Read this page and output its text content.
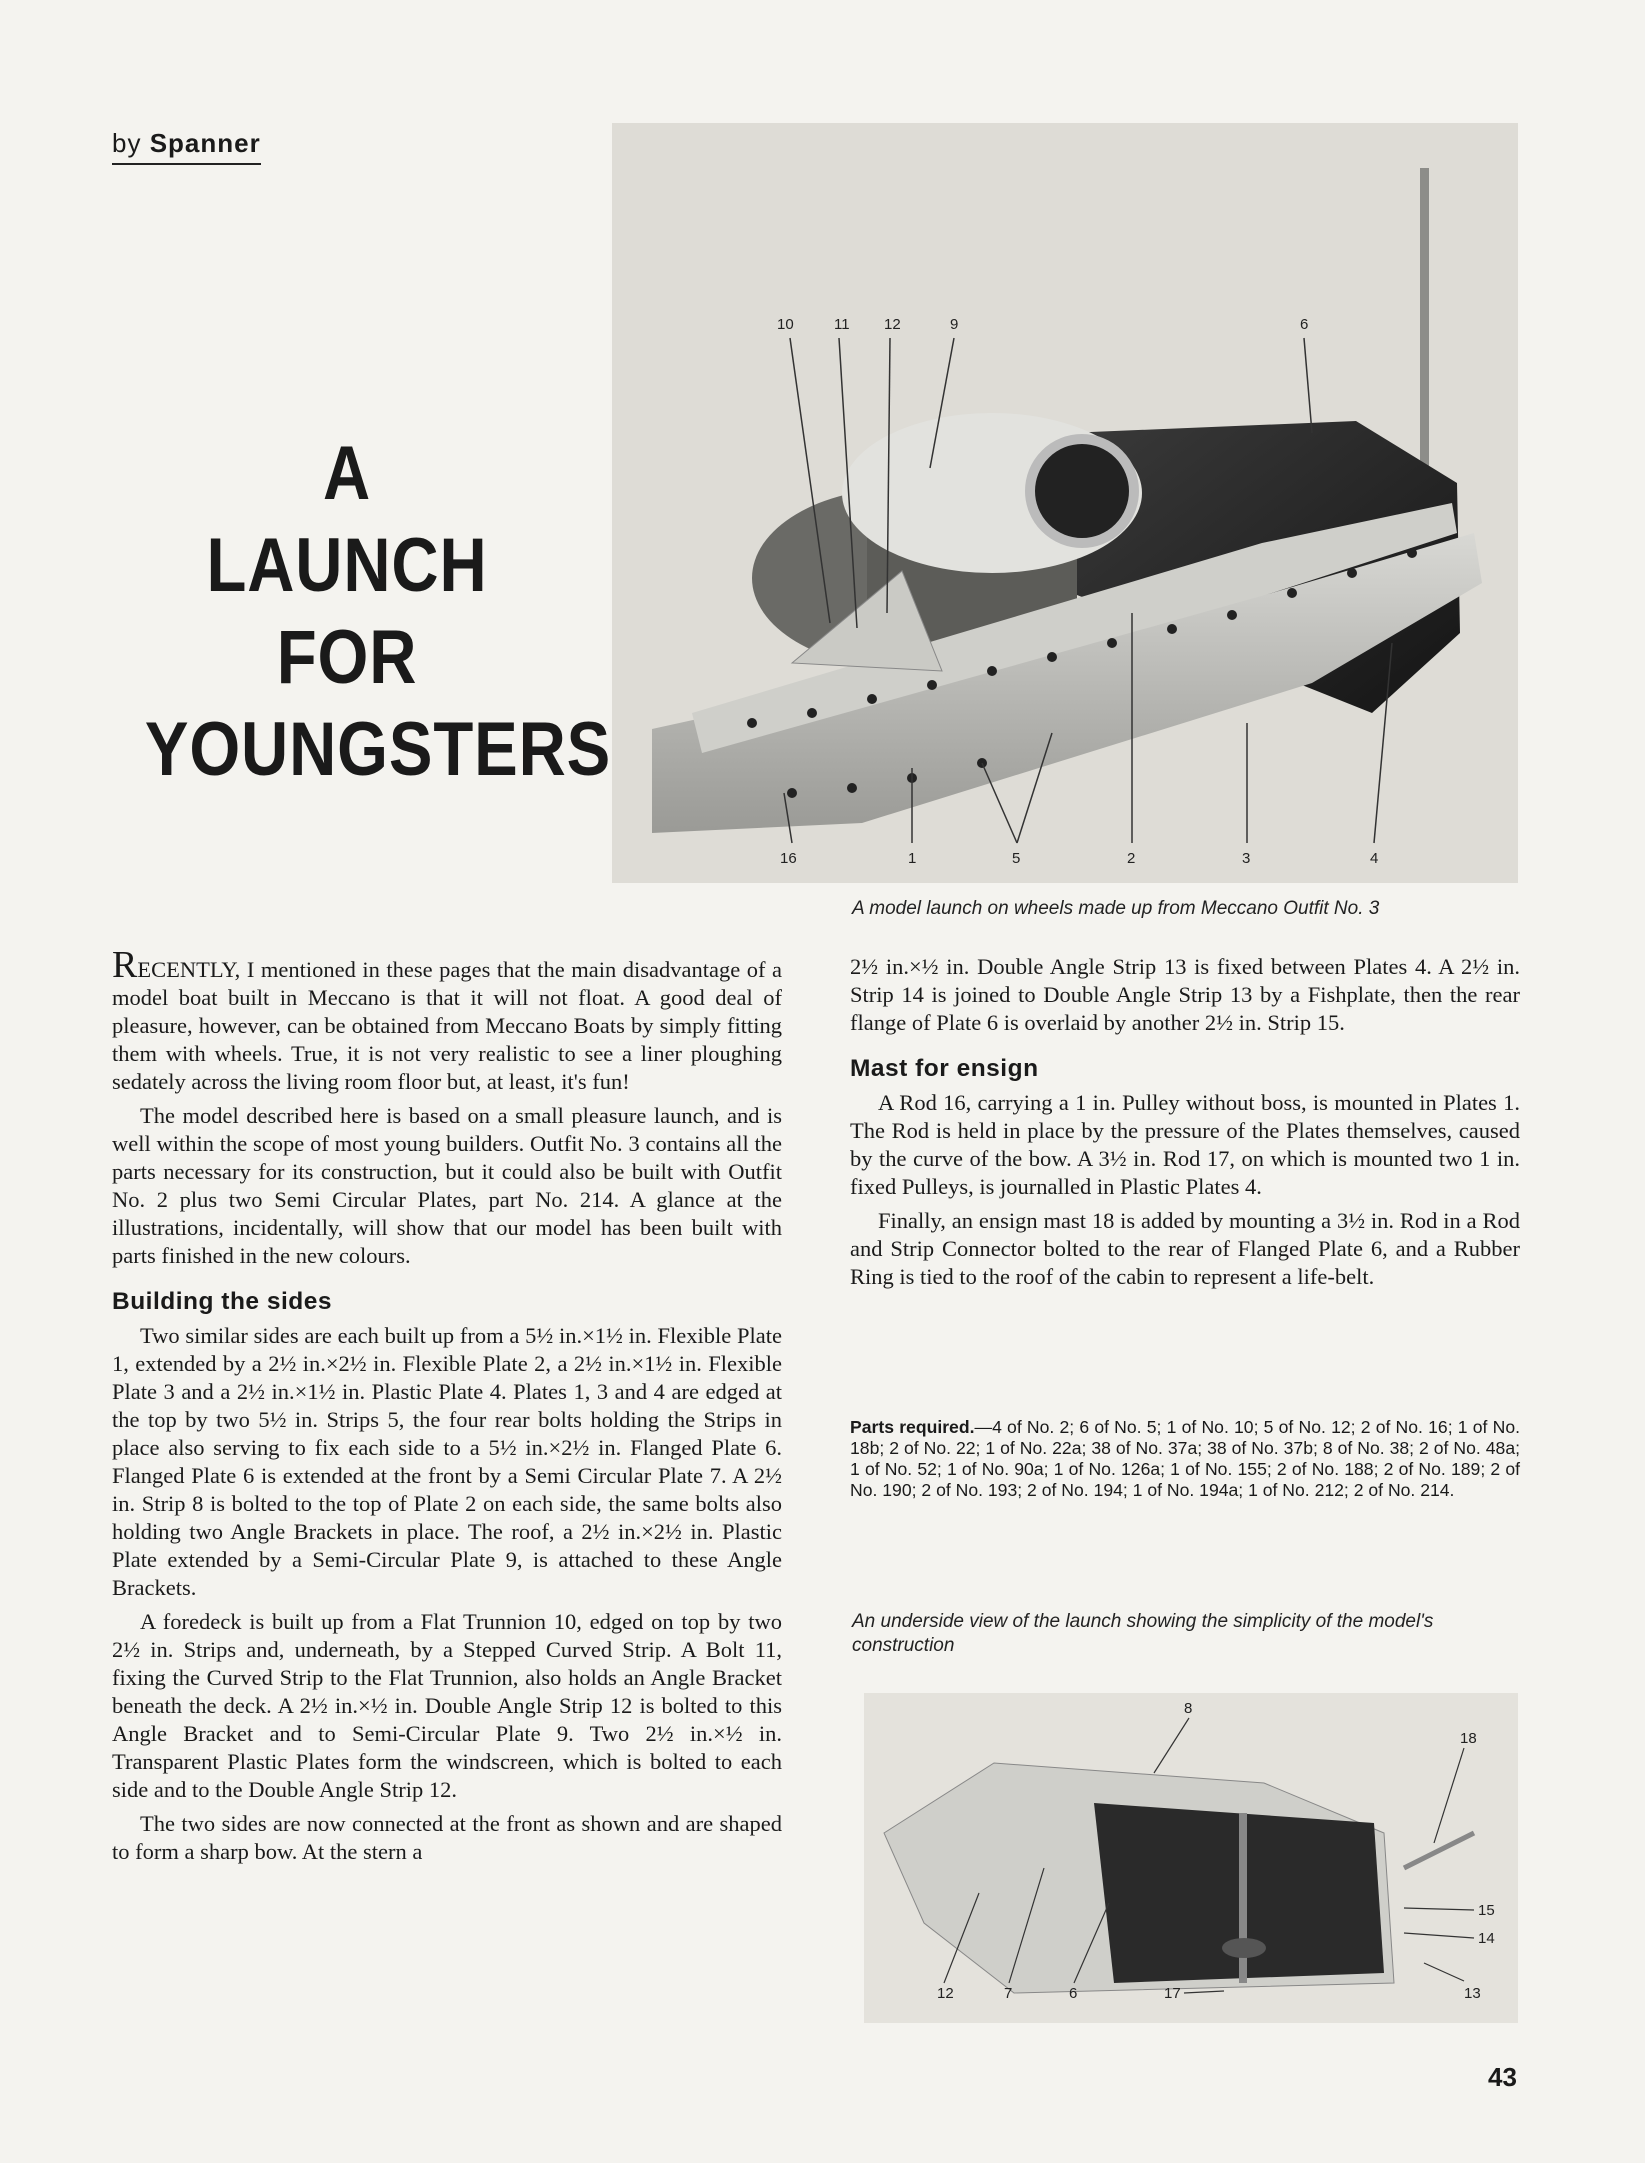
by Spanner
A
LAUNCH
FOR
YOUNGSTERS
10	11 12	9	6
16	1	5	2	3	4
A model launch on wheels made up from Meccano Outfit No. 3

RECENTLY, I mentioned in these pages that the main disadvantage of a model boat built in Meccano is that it will not float. A good deal of pleasure, however, can be obtained from Meccano Boats by simply fitting them with wheels. True, it is not very realistic to see a liner ploughing sedately across the living room floor but, at least, it's fun!

The model described here is based on a small pleasure launch, and is well within the scope of most young builders. Outfit No. 3 contains all the parts necessary for its construction, but it could also be built with Outfit No. 2 plus two Semi Circular Plates, part No. 214. A glance at the illustrations, incidentally, will show that our model has been built with parts finished in the new colours.

Building the sides

Two similar sides are each built up from a 5½ in.×1½ in. Flexible Plate 1, extended by a 2½ in.×2½ in. Flexible Plate 2, a 2½ in.×1½ in. Flexible Plate 3 and a 2½ in.×1½ in. Plastic Plate 4. Plates 1, 3 and 4 are edged at the top by two 5½ in. Strips 5, the four rear bolts holding the Strips in place also serving to fix each side to a 5½ in.×2½ in. Flanged Plate 6. Flanged Plate 6 is extended at the front by a Semi Circular Plate 7. A 2½ in. Strip 8 is bolted to the top of Plate 2 on each side, the same bolts also holding two Angle Brackets in place. The roof, a 2½ in.×2½ in. Plastic Plate extended by a Semi-Circular Plate 9, is attached to these Angle Brackets.

A foredeck is built up from a Flat Trunnion 10, edged on top by two 2½ in. Strips and, underneath, by a Stepped Curved Strip. A Bolt 11, fixing the Curved Strip to the Flat Trunnion, also holds an Angle Bracket beneath the deck. A 2½ in.×½ in. Double Angle Strip 12 is bolted to this Angle Bracket and to Semi-Circular Plate 9. Two 2½ in.×½ in. Transparent Plastic Plates form the windscreen, which is bolted to each side and to the Double Angle Strip 12.

The two sides are now connected at the front as shown and are shaped to form a sharp bow. At the stern a

2½ in.×½ in. Double Angle Strip 13 is fixed between Plates 4. A 2½ in. Strip 14 is joined to Double Angle Strip 13 by a Fishplate, then the rear flange of Plate 6 is overlaid by another 2½ in. Strip 15.

Mast for ensign

A Rod 16, carrying a 1 in. Pulley without boss, is mounted in Plates 1. The Rod is held in place by the pressure of the Plates themselves, caused by the curve of the bow. A 3½ in. Rod 17, on which is mounted two 1 in. fixed Pulleys, is journalled in Plastic Plates 4.

Finally, an ensign mast 18 is added by mounting a 3½ in. Rod in a Rod and Strip Connector bolted to the rear of Flanged Plate 6, and a Rubber Ring is tied to the roof of the cabin to represent a life-belt.

Parts required.—4 of No. 2; 6 of No. 5; 1 of No. 10; 5 of No. 12; 2 of No. 16; 1 of No. 18b; 2 of No. 22; 1 of No. 22a; 38 of No. 37a; 38 of No. 37b; 8 of No. 38; 2 of No. 48a; 1 of No. 52; 1 of No. 90a; 1 of No. 126a; 1 of No. 155; 2 of No. 188; 2 of No. 189; 2 of No. 190; 2 of No. 193; 2 of No. 194; 1 of No. 194a; 1 of No. 212; 2 of No. 214.
An underside view of the launch showing the simplicity of the model's construction
8
18
15
14
13
17
12	7	6
43
